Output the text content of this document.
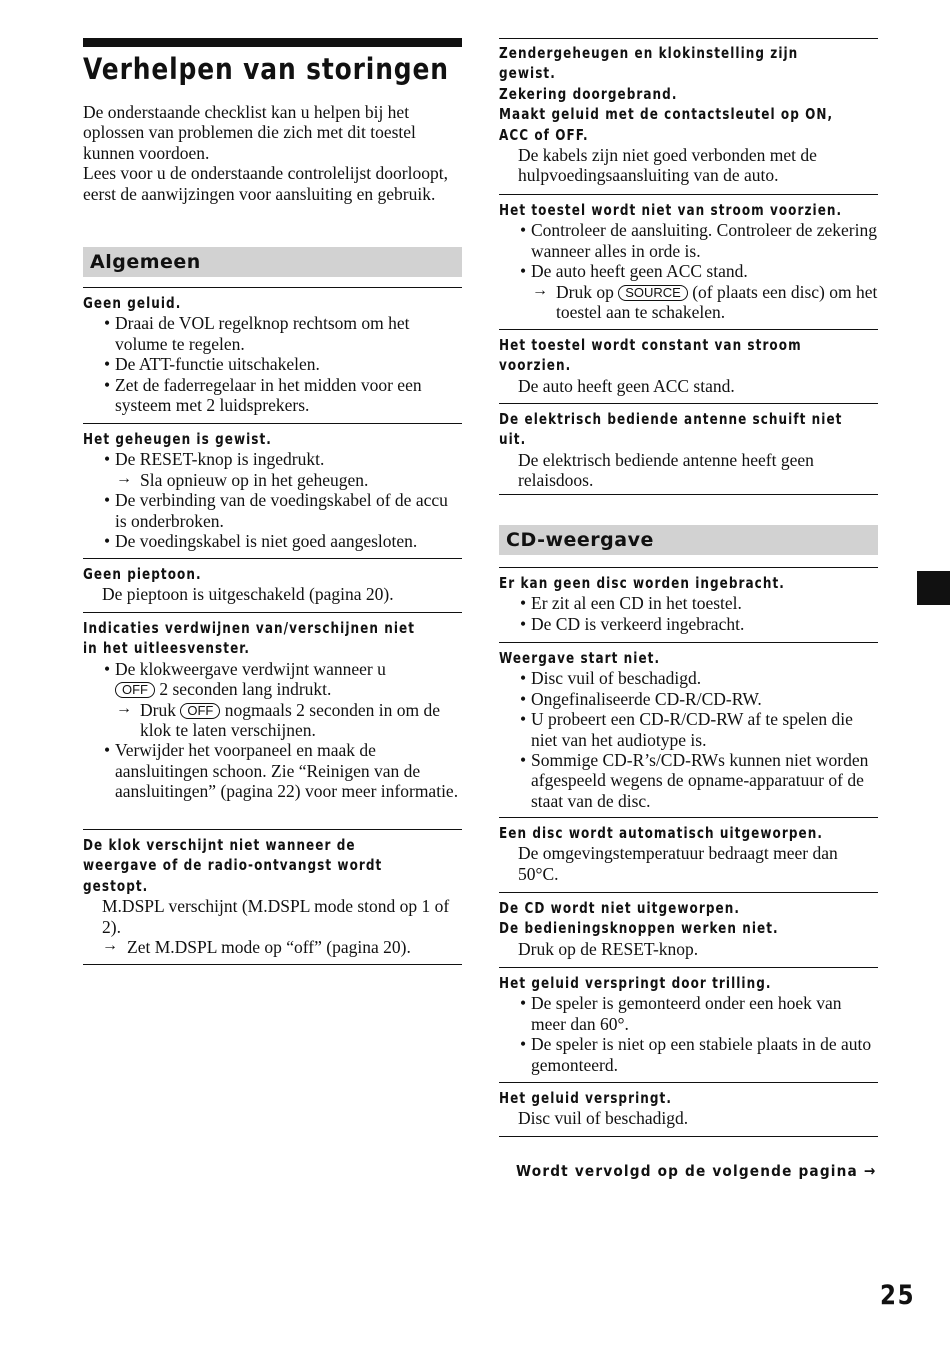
Verhelpen van storingen

De onderstaande checklist kan u helpen bij het oplossen van problemen die zich met dit toestel kunnen voordoen.

Lees voor u de onderstaande controlelijst doorloopt, eerst de aanwijzingen voor aansluiting en gebruik.

Algemeen
Geen geluid.
• Draai de VOL regelknop rechtsom om het volume te regelen.
• De ATT-functie uitschakelen.
• Zet de faderregelaar in het midden voor een systeem met 2 luidsprekers.
Het geheugen is gewist.
• De RESET-knop is ingedrukt.
→ Sla opnieuw op in het geheugen.
• De verbinding van de voedingskabel of de accu is onderbroken.
• De voedingskabel is niet goed aangesloten.
Geen pieptoon.
De pieptoon is uitgeschakeld (pagina 20).
Indicaties verdwijnen van/verschijnen niet
in het uitleesvenster.
• De klokweergave verdwijnt wanneer u
OFF 2 seconden lang indrukt.
→ Druk OFF nogmaals 2 seconden in om de klok te laten verschijnen.
• Verwijder het voorpaneel en maak de aansluitingen schoon. Zie “Reinigen van de aansluitingen” (pagina 22) voor meer informatie.
De klok verschijnt niet wanneer de
weergave of de radio-ontvangst wordt
gestopt.
M.DSPL verschijnt (M.DSPL mode stond op 1 of 2).
→ Zet M.DSPL mode op “off” (pagina 20).
Zendergeheugen en klokinstelling zijn
gewist.
Zekering doorgebrand.
Maakt geluid met de contactsleutel op ON,
ACC of OFF.
De kabels zijn niet goed verbonden met de hulpvoedingsaansluiting van de auto.
Het toestel wordt niet van stroom voorzien.
• Controleer de aansluiting. Controleer de zekering wanneer alles in orde is.
• De auto heeft geen ACC stand.
→ Druk op SOURCE (of plaats een disc) om het toestel aan te schakelen.
Het toestel wordt constant van stroom
voorzien.
De auto heeft geen ACC stand.
De elektrisch bediende antenne schuift niet
uit.
De elektrisch bediende antenne heeft geen relaisdoos.
CD-weergave
Er kan geen disc worden ingebracht.
• Er zit al een CD in het toestel.
• De CD is verkeerd ingebracht.
Weergave start niet.
• Disc vuil of beschadigd.
• Ongefinaliseerde CD-R/CD-RW.
• U probeert een CD-R/CD-RW af te spelen die niet van het audiotype is.
• Sommige CD-R’s/CD-RWs kunnen niet worden afgespeeld wegens de opname-apparatuur of de staat van de disc.
Een disc wordt automatisch uitgeworpen.
De omgevingstemperatuur bedraagt meer dan 50°C.
De CD wordt niet uitgeworpen.
De bedieningsknoppen werken niet.
Druk op de RESET-knop.
Het geluid verspringt door trilling.
• De speler is gemonteerd onder een hoek van meer dan 60°.
• De speler is niet op een stabiele plaats in de auto gemonteerd.
Het geluid verspringt.
Disc vuil of beschadigd.
Wordt vervolgd op de volgende pagina →
25
